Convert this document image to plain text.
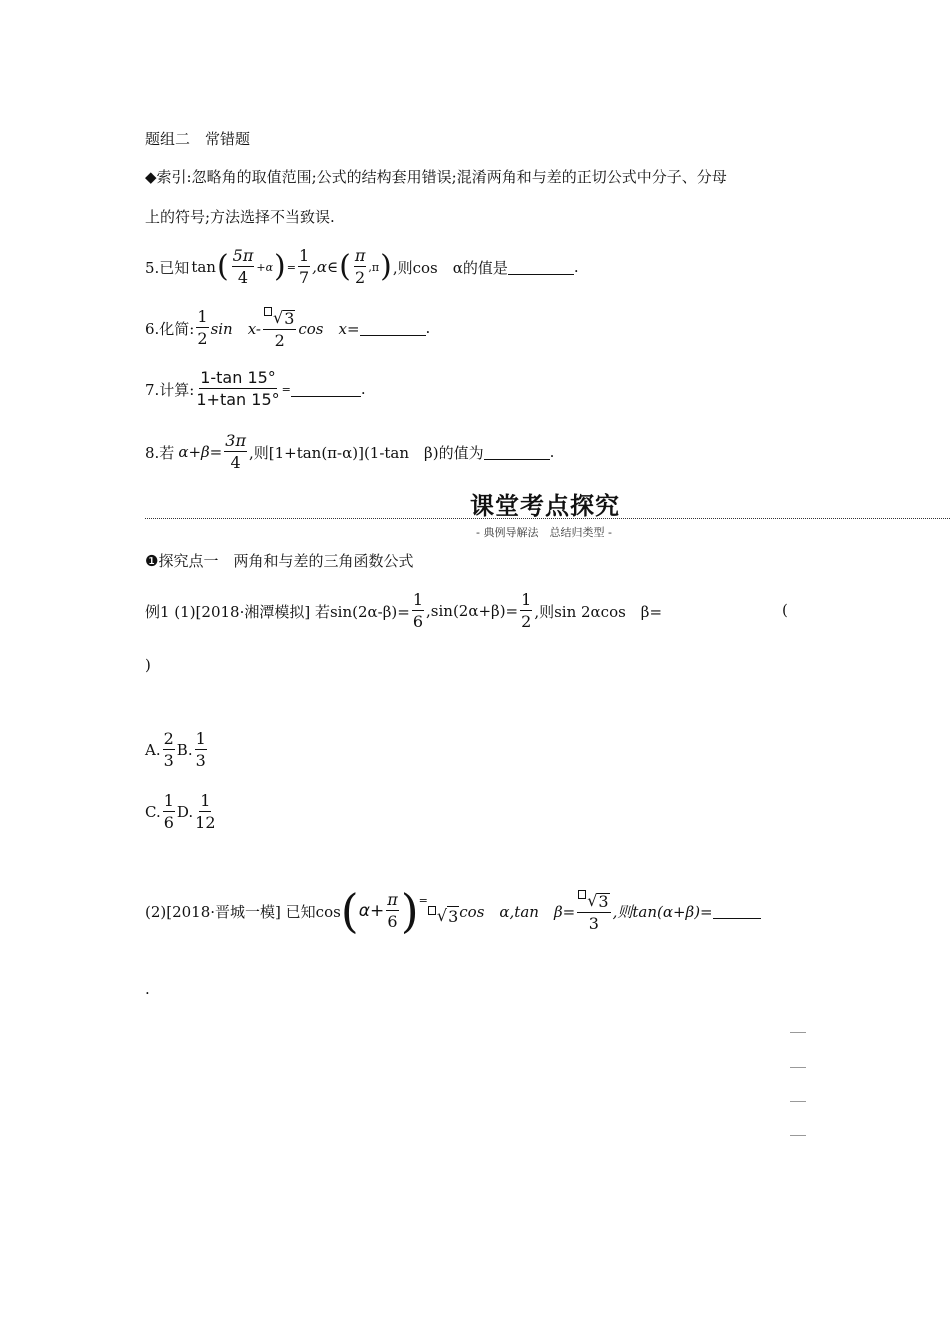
题组二　常错题
◆索引:忽略角的取值范围;公式的结构套用错误;混淆两角和与差的正切公式中分子、分母
上的符号;方法选择不当致误.
5.已知 tan ( $\frac{5\pi}{4} +\alpha$ ) = $\frac{1}{7}$ ,α∈ ( $\frac{\pi}{2} ,\pi$ ) ,则cos　α的值是	.
6.化简: $\frac{1}{2}$ sin　$x- \frac{√ 3}{2}$ cos　x=	.
7.计算: $\frac{1-\tan 15^\circ}{1+\tan 15^\circ}$ =	.
8.若 $\alpha+\beta= \frac{3\pi}{4}$ ,则[1+tan(π-α)](1-tan　β)的值为	.
课堂考点探究
- 典例导解法　总结归类型 -
❶探究点一　两角和与差的三角函数公式
例1 (1)[2018·湘潭模拟] 若$\sin(2\alpha-\beta)= \frac{1}{6} ,\sin(2\alpha+\beta)= \frac{1}{2}$ ,则sin 2αcos　β=	(
)
A. $\frac{2}{3} B$. $\frac{1}{3}$
C. $\frac{1}{6} D$. $\frac{1}{12}$
(2)[2018·晋城一模] 已知cos ( $\alpha+ \frac{\pi}{6}$ ) =
√ 3 cos　α,tan　$\beta= \frac{√ 3}{3}$ ,则tan(α+β)=
.
